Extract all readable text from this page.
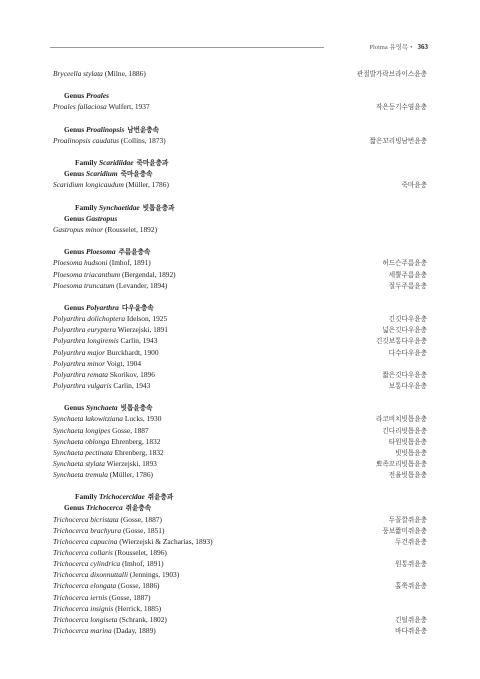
Ploima 유영목 • 363
Bryceella stylata (Milne, 1886)	관절발가락브라이스윤충
Genus Proales
Proales fallaciosa Wulfert, 1937	작은등기수염윤충
Genus Proalinopsis 남번윤충속
Proalinopsis caudatus (Collins, 1873)	짧은꼬리빙남번윤충
Family Scaridiidae 죽마윤충과
Genus Scaridium 죽마윤충속
Scaridium longicaudum (Müller, 1786)	죽마윤충
Family Synchaetidae 빗톱윤충과
Genus Gastropus
Gastropus minor (Rousselet, 1892)
Genus Ploesoma 주름윤충속
Ploesoma hudsoni (Imhof, 1891)	허드슨주름윤충
Ploesoma triacanthum (Bergendal, 1892)	세뿔주름윤충
Ploesoma truncatum (Levander, 1894)	절두주름윤충
Genus Polyarthra 다우윤충속
Polyarthra dolichoptera Idelson, 1925	긴깃다우윤충
Polyarthra euryptera Wierzejski, 1891	넓은깃다우윤충
Polyarthra longiremis Carlin, 1943	긴깃보통다우윤충
Polyarthra major Burckhardt, 1900	다수다우윤충
Polyarthra minor Voigt, 1904
Polyarthra remata Skorikov, 1896	짧은깃다우윤충
Polyarthra vulgaris Carlin, 1943	보통다우윤충
Genus Synchaeta 빗톱윤충속
Synchaeta lakowitziana Lucks, 1930	라코비치빗톱윤충
Synchaeta longipes Gosse, 1887	긴다리빗톱윤충
Synchaeta oblonga Ehrenberg, 1832	타원빗톱윤충
Synchaeta pectinata Ehrenberg, 1832	빗빗톱윤충
Synchaeta stylata Wierzejski, 1893	뾰족꼬리빗톱윤충
Synchaeta tremula (Müller, 1786)	전율빗톱윤충
Family Trichocercidae 쥐윤충과
Genus Trichocerca 쥐윤충속
Trichocerca bicristata (Gosse, 1887)	두꼴깔쥐윤충
Trichocerca brachyura (Gosse, 1851)	뭉보짧미쥐윤충
Trichocerca capucina (Wierzejski & Zacharias, 1893)	두건쥐윤충
Trichocerca collaris (Rousselet, 1896)
Trichocerca cylindrica (Imhof, 1891)	원통쥐윤충
Trichocerca dixonnuttalli (Jennings, 1903)
Trichocerca elongata (Gosse, 1886)	홀쭉쥐윤충
Trichocerca iernis (Gosse, 1887)
Trichocerca insignis (Herrick, 1885)
Trichocerca longiseta (Schrank, 1802)	긴털쥐윤충
Trichocerca marina (Daday, 1889)	바다쥐윤충
